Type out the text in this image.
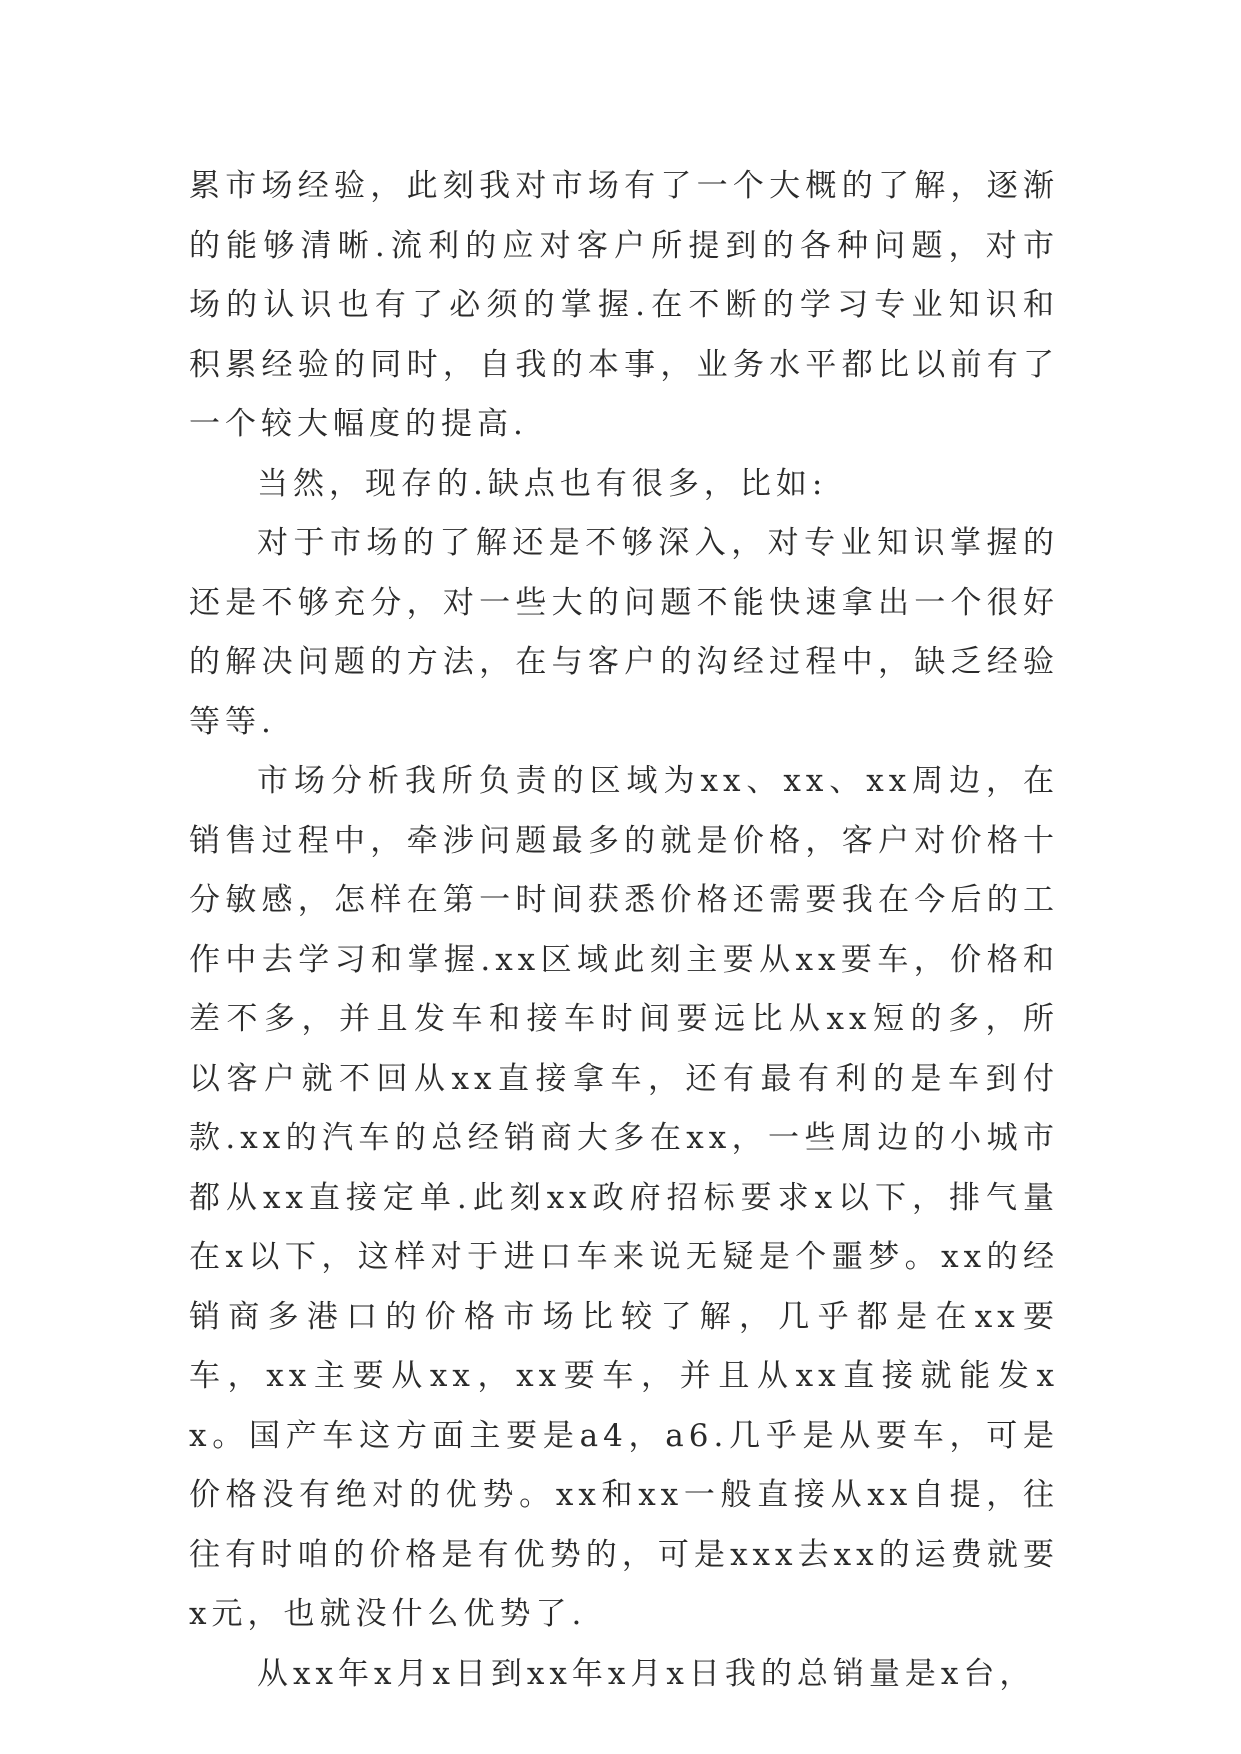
累市场经验，此刻我对市场有了一个大概的了解，逐渐的能够清晰.流利的应对客户所提到的各种问题，对市场的认识也有了必须的掌握.在不断的学习专业知识和积累经验的同时，自我的本事，业务水平都比以前有了一个较大幅度的提高.

当然，现存的.缺点也有很多，比如:

对于市场的了解还是不够深入，对专业知识掌握的还是不够充分，对一些大的问题不能快速拿出一个很好的解决问题的方法，在与客户的沟经过程中，缺乏经验等等.

市场分析我所负责的区域为xx、xx、xx周边，在销售过程中，牵涉问题最多的就是价格，客户对价格十分敏感，怎样在第一时间获悉价格还需要我在今后的工作中去学习和掌握.xx区域此刻主要从xx要车，价格和差不多，并且发车和接车时间要远比从xx短的多，所以客户就不回从xx直接拿车，还有最有利的是车到付款.xx的汽车的总经销商大多在xx，一些周边的小城市都从xx直接定单.此刻xx政府招标要求x以下，排气量在x以下，这样对于进口车来说无疑是个噩梦。xx的经销商多港口的价格市场比较了解，几乎都是在xx要车，xx主要从xx，xx要车，并且从xx直接就能发xx。国产车这方面主要是a4，a6.几乎是从要车，可是价格没有绝对的优势。xx和xx一般直接从xx自提，往往有时咱的价格是有优势的，可是xxx去xx的运费就要x元，也就没什么优势了.

从xx年x月x日到xx年x月x日我的总销量是x台，
